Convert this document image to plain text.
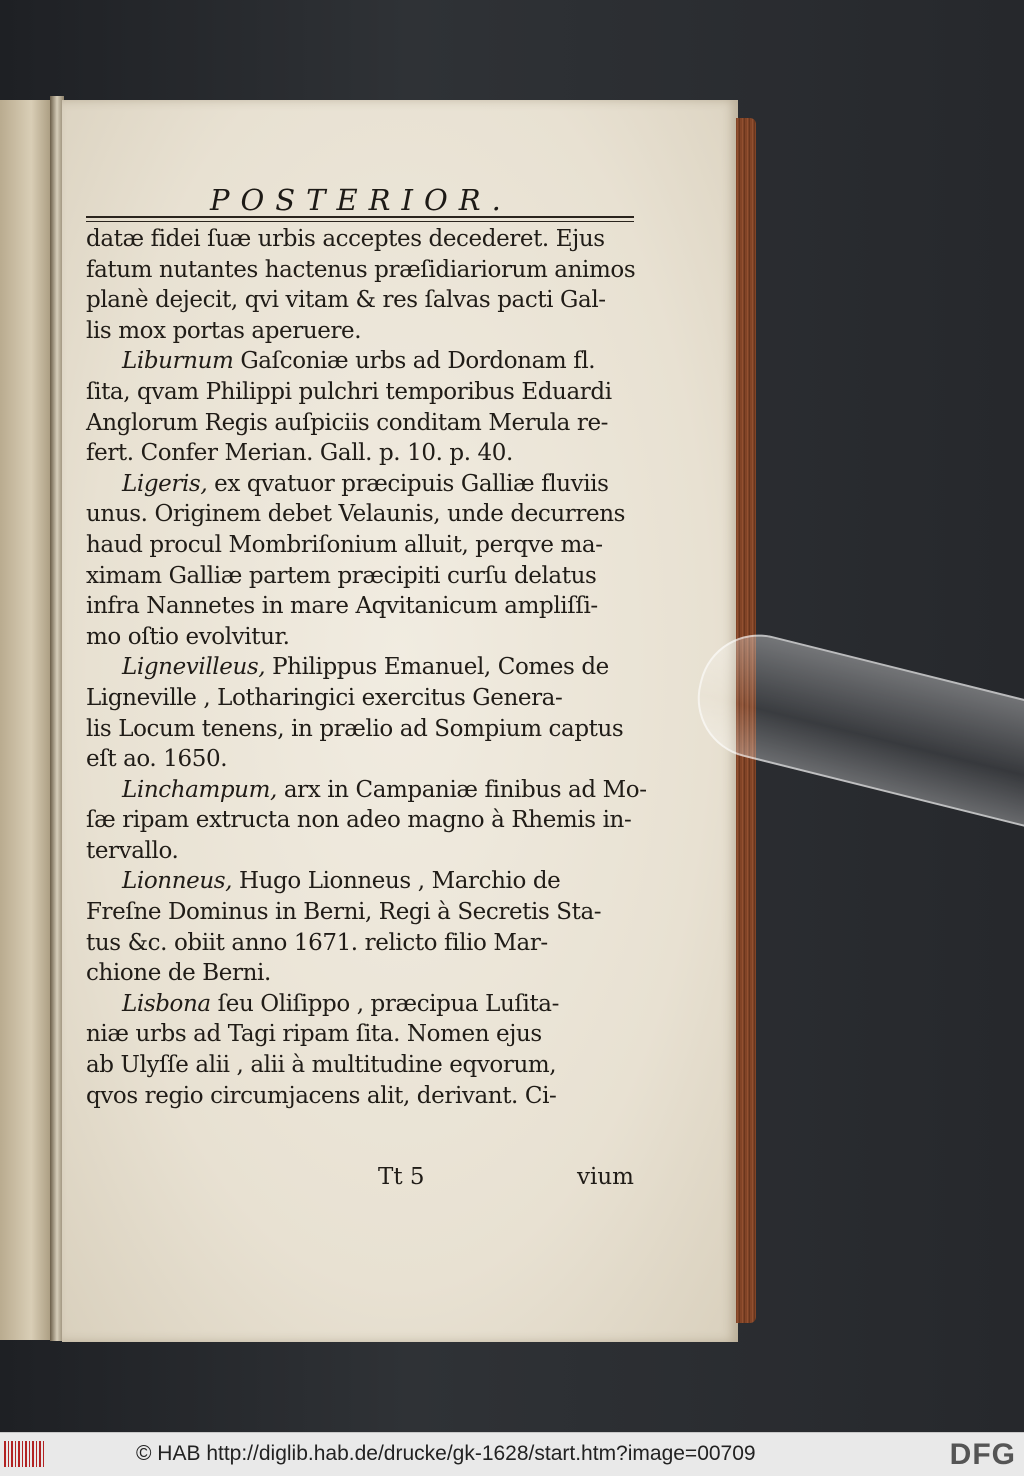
POSTERIOR.
datæ fidei ſuæ urbis acceptes decederet. Ejus
fatum nutantes hactenus præſidiariorum animos
planè dejecit, qvi vitam & res ſalvas pacti Gal-
lis mox portas aperuere.
Liburnum Gaſconiæ urbs ad Dordonam fl.
ſita, qvam Philippi pulchri temporibus Eduardi
Anglorum Regis auſpiciis conditam Merula re-
fert. Confer Merian. Gall. p. 10. p. 40.
Ligeris, ex qvatuor præcipuis Galliæ fluviis
unus. Originem debet Velaunis, unde decurrens
haud procul Mombriſonium alluit, perqve ma-
ximam Galliæ partem præcipiti curſu delatus
infra Nannetes in mare Aqvitanicum ampliſſi-
mo oſtio evolvitur.
Lignevilleus, Philippus Emanuel, Comes de
Ligneville , Lotharingici exercitus Genera-
lis Locum tenens, in prælio ad Sompium captus
eſt ao. 1650.
Linchampum, arx in Campaniæ finibus ad Mo-
ſæ ripam extructa non adeo magno à Rhemis in-
tervallo.
Lionneus, Hugo Lionneus , Marchio de
Freſne Dominus in Berni, Regi à Secretis Sta-
tus &c. obiit anno 1671. relicto filio Mar-
chione de Berni.
Lisbona ſeu Oliſippo , præcipua Luſita-
niæ urbs ad Tagi ripam ſita. Nomen ejus
ab Ulyſſe alii , alii à multitudine eqvorum,
qvos regio circumjacens alit, derivant. Ci-
Tt 5	vium
© HAB http://diglib.hab.de/drucke/gk-1628/start.htm?image=00709	DFG
